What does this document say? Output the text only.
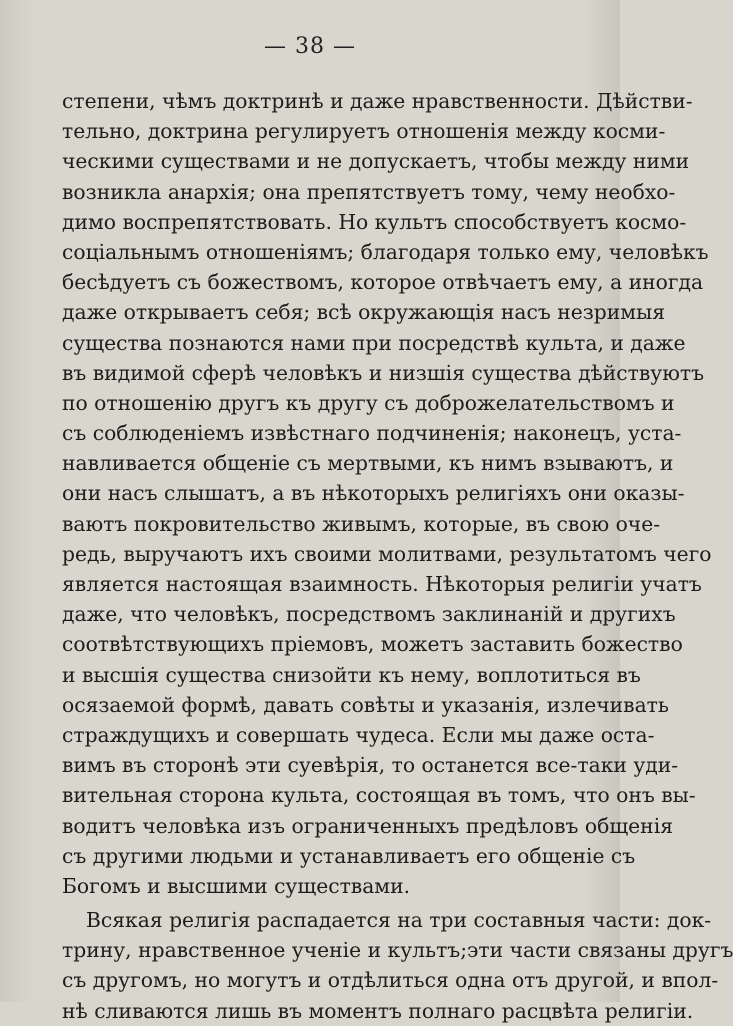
— 38 —
степени, чѣмъ доктринѣ и даже нравственности. Дѣйстви-
тельно, доктрина регулируетъ отношенія между косми-
ческими существами и не допускаетъ, чтобы между ними
возникла анархія; она препятствуетъ тому, чему необхо-
димо воспрепятствовать. Но культъ способствуетъ космо-
соціальнымъ отношеніямъ; благодаря только ему, человѣкъ
бесѣдуетъ съ божествомъ, которое отвѣчаетъ ему, а иногда
даже открываетъ себя; всѣ окружающія насъ незримыя
существа познаются нами при посредствѣ культа, и даже
въ видимой сферѣ человѣкъ и низшія существа дѣйствуютъ
по отношенію другъ къ другу съ доброжелательствомъ и
съ соблюденіемъ извѣстнаго подчиненія; наконецъ, уста-
навливается общеніе съ мертвыми, къ нимъ взываютъ, и
они насъ слышатъ, а въ нѣкоторыхъ религіяхъ они оказы-
ваютъ покровительство живымъ, которые, въ свою оче-
редь, выручаютъ ихъ своими молитвами, результатомъ чего
является настоящая взаимность. Нѣкоторыя религіи учатъ
даже, что человѣкъ, посредствомъ заклинаній и другихъ
соотвѣтствующихъ пріемовъ, можетъ заставить божество
и высшія существа снизойти къ нему, воплотиться въ
осязаемой формѣ, давать совѣты и указанія, излечивать
страждущихъ и совершать чудеса. Если мы даже оста-
вимъ въ сторонѣ эти суевѣрія, то останется все-таки уди-
вительная сторона культа, состоящая въ томъ, что онъ вы-
водитъ человѣка изъ ограниченныхъ предѣловъ общенія
съ другими людьми и устанавливаетъ его общеніе съ
Богомъ и высшими существами.
Всякая религія распадается на три составныя части: док-
трину, нравственное ученіе и культъ;эти части связаны другъ
съ другомъ, но могутъ и отдѣлиться одна отъ другой, и впол-
нѣ сливаются лишь въ моментъ полнаго расцвѣта религіи.
